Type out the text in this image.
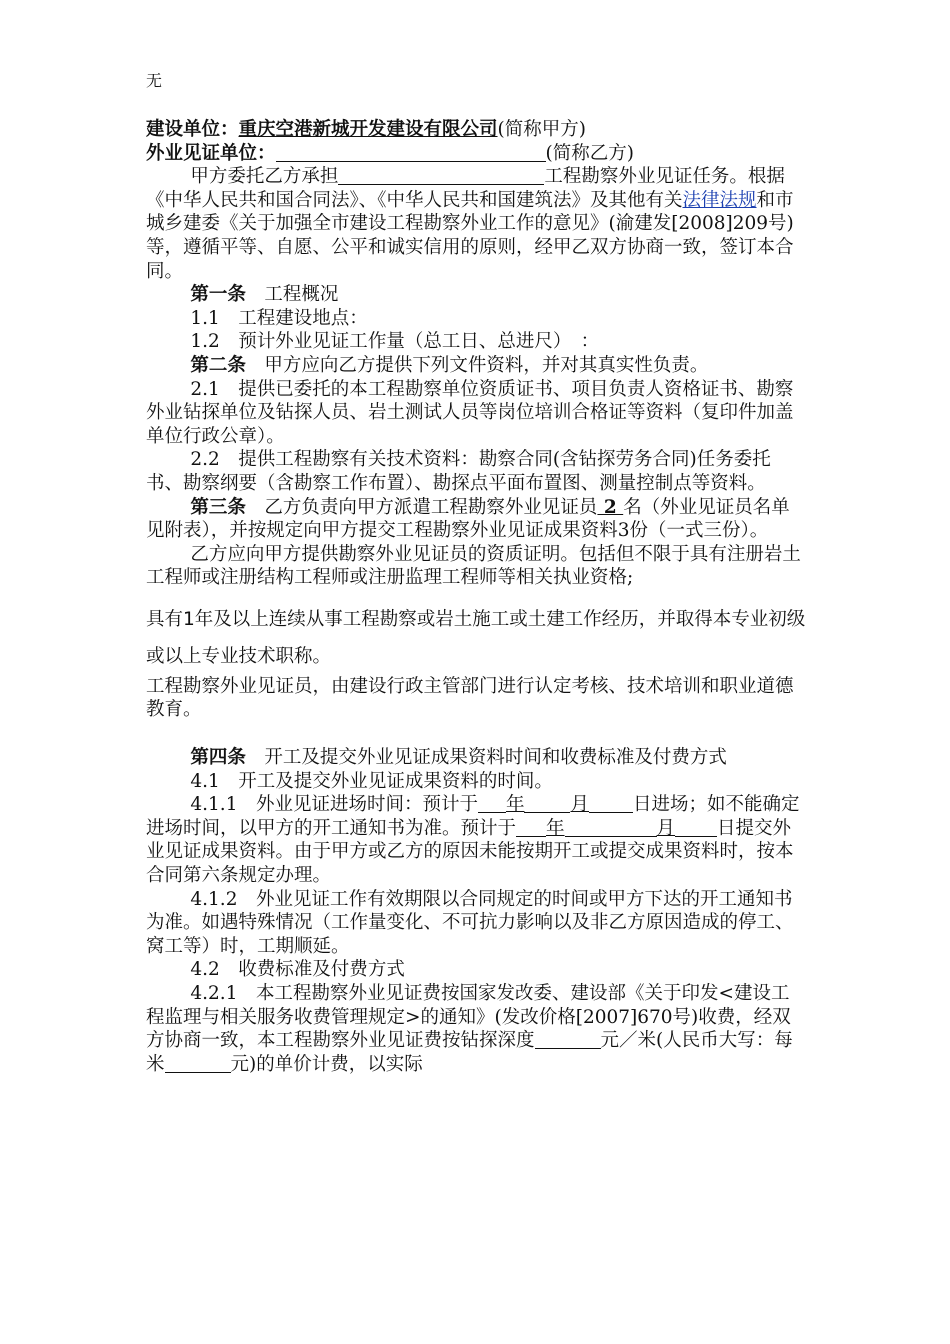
无

建设单位：重庆空港新城开发建设有限公司(简称甲方)

外业见证单位：	(简称乙方)

甲方委托乙方承担	工程勘察外业见证任务。根据《中华人民共和国合同法》、《中华人民共和国建筑法》及其他有关法律法规和市城乡建委《关于加强全市建设工程勘察外业工作的意见》(渝建发[2008]209号)等，遵循平等、自愿、公平和诚实信用的原则，经甲乙双方协商一致，签订本合同。

第一条　工程概况

1.1　工程建设地点：

1.2　预计外业见证工作量（总工日、总进尺）　：

第二条　甲方应向乙方提供下列文件资料，并对其真实性负责。

2.1　提供已委托的本工程勘察单位资质证书、项目负责人资格证书、勘察外业钻探单位及钻探人员、岩土测试人员等岗位培训合格证等资料（复印件加盖单位行政公章）。

2.2　提供工程勘察有关技术资料：勘察合同(含钻探劳务合同)任务委托书、勘察纲要（含勘察工作布置）、勘探点平面布置图、测量控制点等资料。

第三条　乙方负责向甲方派遣工程勘察外业见证员 2 名（外业见证员名单见附表），并按规定向甲方提交工程勘察外业见证成果资料3份（一式三份）。

乙方应向甲方提供勘察外业见证员的资质证明。包括但不限于具有注册岩土工程师或注册结构工程师或注册监理工程师等相关执业资格;

具有1年及以上连续从事工程勘察或岩土施工或土建工作经历，并取得本专业初级或以上专业技术职称。

工程勘察外业见证员，由建设行政主管部门进行认定考核、技术培训和职业道德教育。

第四条　开工及提交外业见证成果资料时间和收费标准及付费方式

4.1　开工及提交外业见证成果资料的时间。

4.1.1　外业见证进场时间：预计于 年 月 日进场；如不能确定进场时间，以甲方的开工通知书为准。预计于 年	月 日提交外业见证成果资料。由于甲方或乙方的原因未能按期开工或提交成果资料时，按本合同第六条规定办理。

4.1.2　外业见证工作有效期限以合同规定的时间或甲方下达的开工通知书为准。如遇特殊情况（工作量变化、不可抗力影响以及非乙方原因造成的停工、窝工等）时，工期顺延。

4.2　收费标准及付费方式

4.2.1　本工程勘察外业见证费按国家发改委、建设部《关于印发<建设工程监理与相关服务收费管理规定>的通知》(发改价格[2007]670号)收费，经双方协商一致，本工程勘察外业见证费按钻探深度	元／米(人民币大写：每米	元)的单价计费，以实际
